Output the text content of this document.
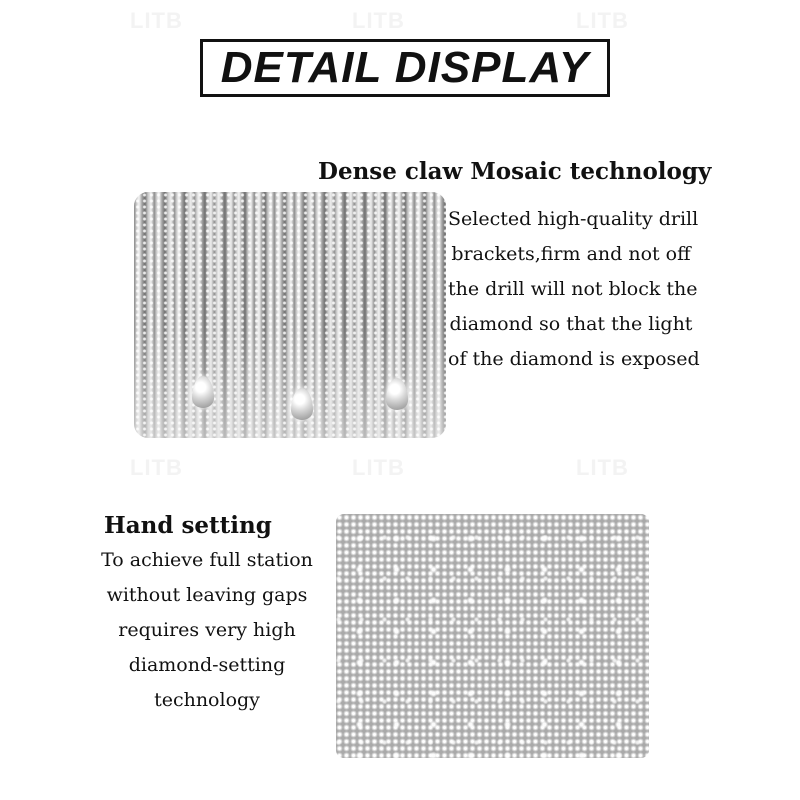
LITB	LITB	LITB
LITB	LITB	LITB
DETAIL DISPLAY
Dense claw Mosaic technology
Selected high-quality drill
brackets,firm and not off
the drill will not block the
diamond so that the light
of the diamond is exposed
Hand setting
To achieve full station
without leaving gaps
requires very high
diamond-setting
technology
